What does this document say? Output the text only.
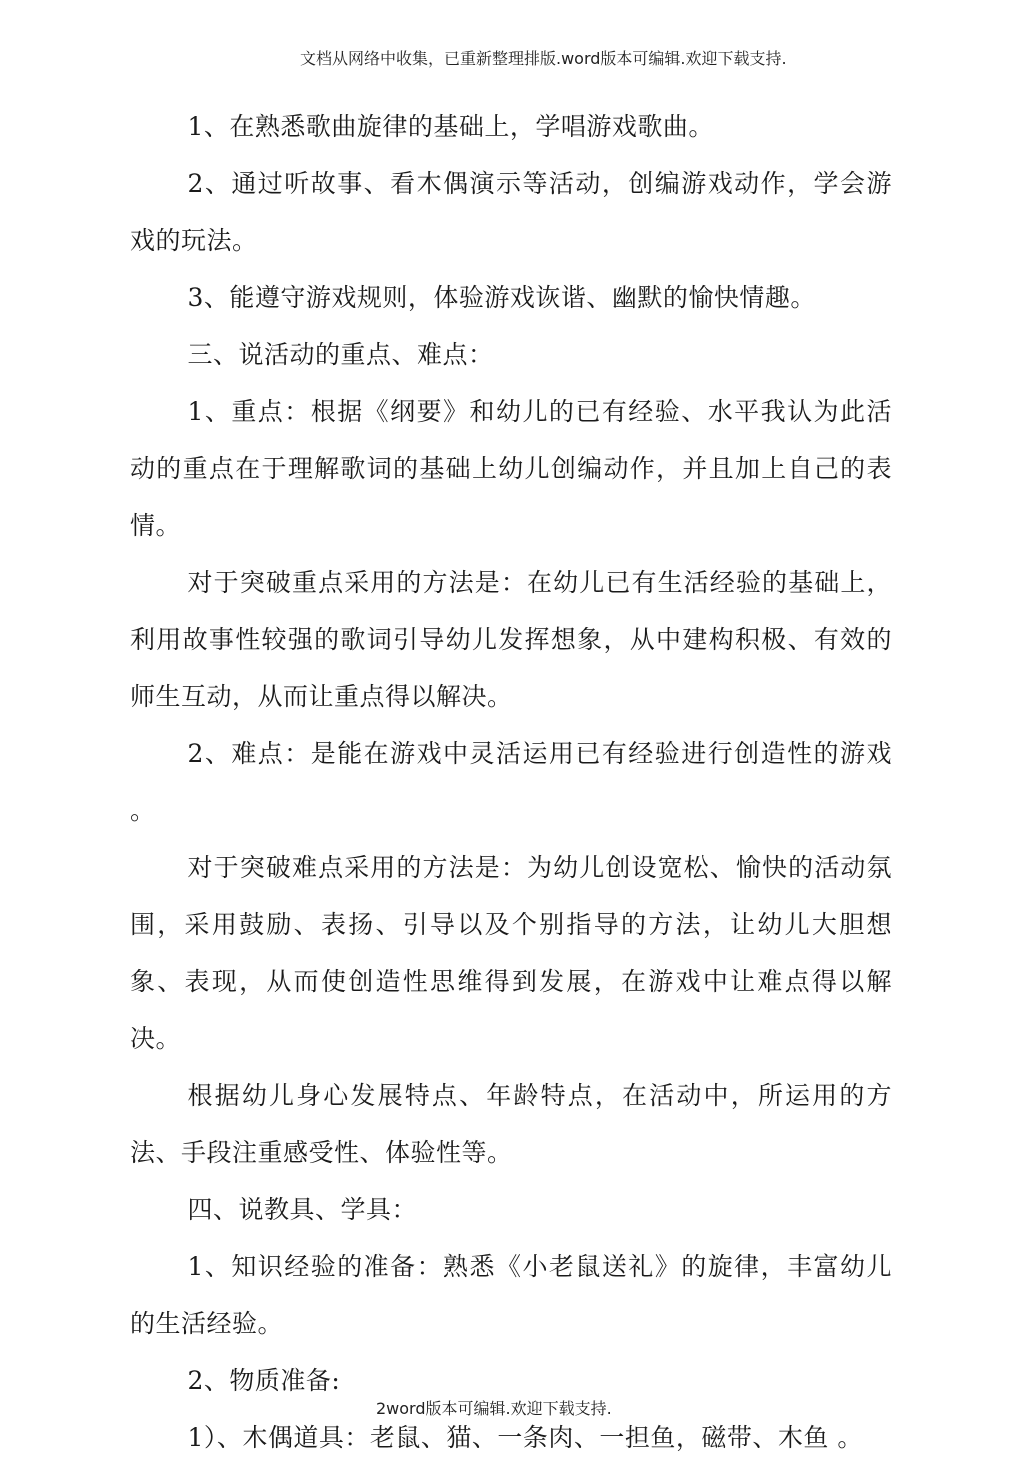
文档从网络中收集，已重新整理排版.word版本可编辑.欢迎下载支持.

1、在熟悉歌曲旋律的基础上，学唱游戏歌曲。

2、通过听故事、看木偶演示等活动，创编游戏动作，学会游戏的玩法。

3、能遵守游戏规则，体验游戏诙谐、幽默的愉快情趣。

三、说活动的重点、难点：

1、重点：根据《纲要》和幼儿的已有经验、水平我认为此活动的重点在于理解歌词的基础上幼儿创编动作，并且加上自己的表情。

对于突破重点采用的方法是：在幼儿已有生活经验的基础上，利用故事性较强的歌词引导幼儿发挥想象，从中建构积极、有效的师生互动，从而让重点得以解决。

2、难点：是能在游戏中灵活运用已有经验进行创造性的游戏 。

对于突破难点采用的方法是：为幼儿创设宽松、愉快的活动氛围，采用鼓励、表扬、引导以及个别指导的方法，让幼儿大胆想象、表现，从而使创造性思维得到发展，在游戏中让难点得以解决。

根据幼儿身心发展特点、年龄特点，在活动中，所运用的方法、手段注重感受性、体验性等。

四、说教具、学具：

1、知识经验的准备：熟悉《小老鼠送礼》的旋律，丰富幼儿的生活经验。

2、物质准备:

1）、木偶道具：老鼠、猫、一条肉、一担鱼，磁带、木鱼 。

2word版本可编辑.欢迎下载支持.
